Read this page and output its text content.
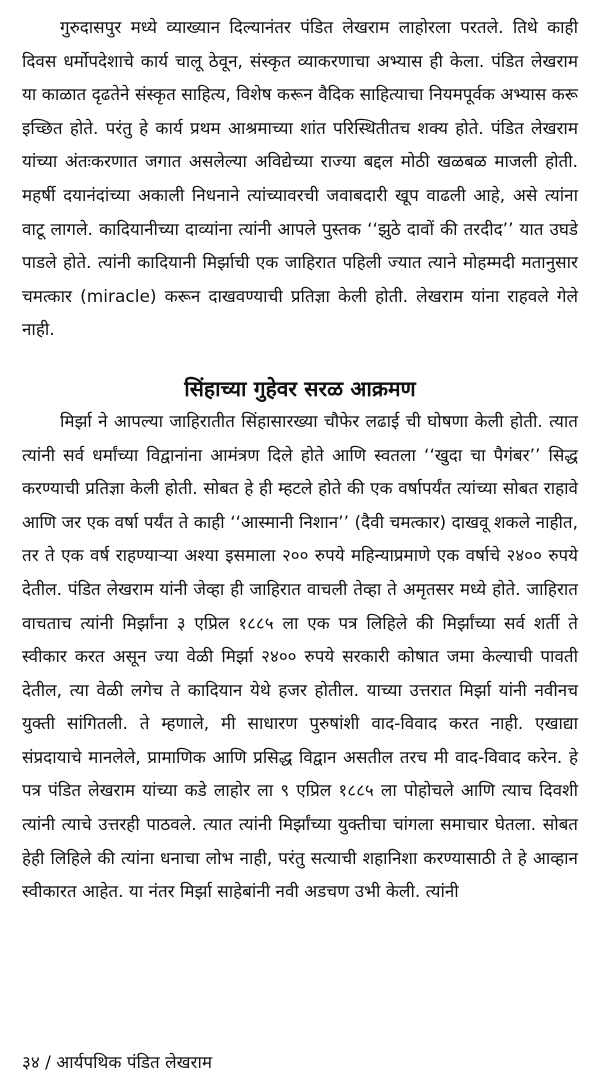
गुरुदासपुर मध्ये व्याख्यान दिल्यानंतर पंडित लेखराम लाहोरला परतले. तिथे काही दिवस धर्मोपदेशाचे कार्य चालू ठेवून, संस्कृत व्याकरणाचा अभ्यास ही केला. पंडित लेखराम या काळात दृढतेने संस्कृत साहित्य, विशेष करून वैदिक साहित्याचा नियमपूर्वक अभ्यास करू इच्छित होते. परंतु हे कार्य प्रथम आश्रमाच्या शांत परिस्थितीतच शक्य होते. पंडित लेखराम यांच्या अंतःकरणात जगात असलेल्या अविद्येच्या राज्या बद्दल मोठी खळबळ माजली होती. महर्षी दयानंदांच्या अकाली निधनाने त्यांच्यावरची जवाबदारी खूप वाढली आहे, असे त्यांना वाटू लागले. कादियानीच्या दाव्यांना त्यांनी आपले पुस्तक ‘‘झुठे दावों की तरदीद’’ यात उघडे पाडले होते. त्यांनी कादियानी मिर्झाची एक जाहिरात पहिली ज्यात त्याने मोहम्मदी मतानुसार चमत्कार (miracle) करून दाखवण्याची प्रतिज्ञा केली होती. लेखराम यांना राहवले गेले नाही.

सिंहाच्या गुहेवर सरळ आक्रमण

मिर्झा ने आपल्या जाहिरातीत सिंहासारख्या चौफेर लढाई ची घोषणा केली होती. त्यात त्यांनी सर्व धर्मांच्या विद्वानांना आमंत्रण दिले होते आणि स्वतला ‘‘खुदा चा पैगंबर’’ सिद्ध करण्याची प्रतिज्ञा केली होती. सोबत हे ही म्हटले होते की एक वर्षापर्यंत त्यांच्या सोबत राहावे आणि जर एक वर्षा पर्यंत ते काही ‘‘आस्मानी निशान’’ (दैवी चमत्कार) दाखवू शकले नाहीत, तर ते एक वर्ष राहण्याऱ्या अश्या इसमाला २०० रुपये महिन्याप्रमाणे एक वर्षाचे २४०० रुपये देतील. पंडित लेखराम यांनी जेव्हा ही जाहिरात वाचली तेव्हा ते अमृतसर मध्ये होते. जाहिरात वाचताच त्यांनी मिर्झांना ३ एप्रिल १८८५ ला एक पत्र लिहिले की मिर्झांच्या सर्व शर्ती ते स्वीकार करत असून ज्या वेळी मिर्झा २४०० रुपये सरकारी कोषात जमा केल्याची पावती देतील, त्या वेळी लगेच ते कादियान येथे हजर होतील. याच्या उत्तरात मिर्झा यांनी नवीनच युक्ती सांगितली. ते म्हणाले, मी साधारण पुरुषांशी वाद-विवाद करत नाही. एखाद्या संप्रदायाचे मानलेले, प्रामाणिक आणि प्रसिद्ध विद्वान असतील तरच मी वाद-विवाद करेन. हे पत्र पंडित लेखराम यांच्या कडे लाहोर ला ९ एप्रिल १८८५ ला पोहोचले आणि त्याच दिवशी त्यांनी त्याचे उत्तरही पाठवले. त्यात त्यांनी मिर्झांच्या युक्तीचा चांगला समाचार घेतला. सोबत हेही लिहिले की त्यांना धनाचा लोभ नाही, परंतु सत्याची शहानिशा करण्यासाठी ते हे आव्हान स्वीकारत आहेत. या नंतर मिर्झा साहेबांनी नवी अडचण उभी केली. त्यांनी

३४ / आर्यपथिक पंडित लेखराम
